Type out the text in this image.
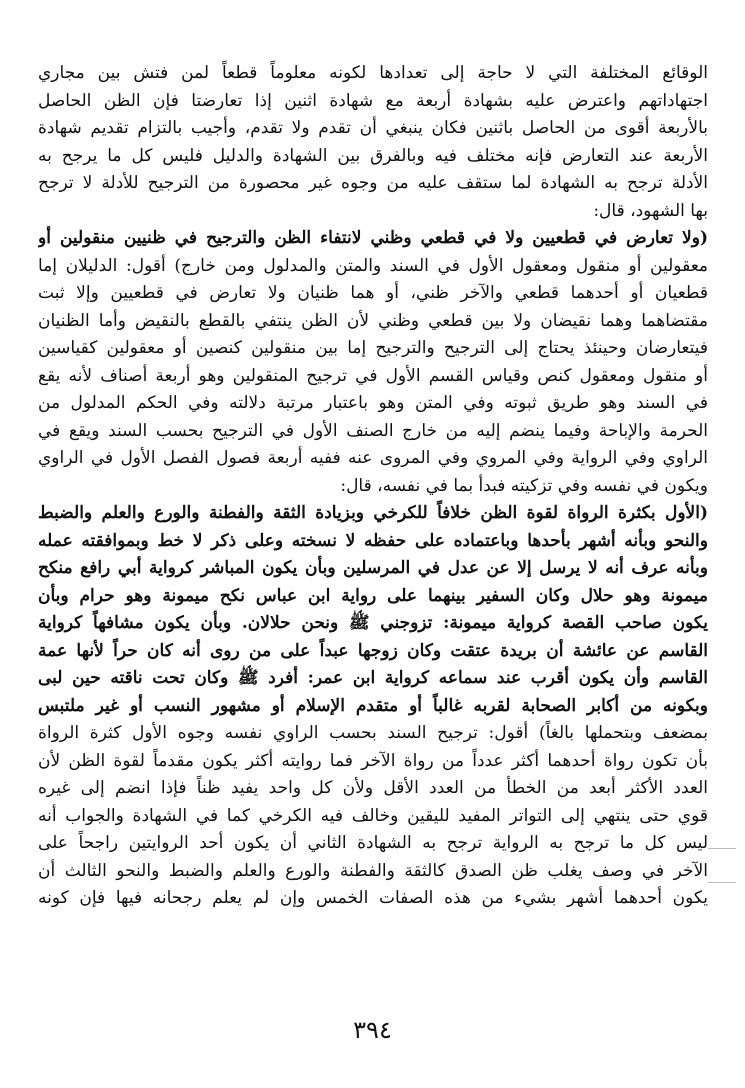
الوقائع المختلفة التي لا حاجة إلى تعدادها لكونه معلوماً قطعاً لمن فتش بين مجاري
اجتهاداتهم واعترض عليه بشهادة أربعة مع شهادة اثنين إذا تعارضتا فإن الظن الحاصل
بالأربعة أقوى من الحاصل باثنين فكان ينبغي أن تقدم ولا تقدم، وأجيب بالتزام تقديم شهادة
الأربعة عند التعارض فإنه مختلف فيه وبالفرق بين الشهادة والدليل فليس كل ما يرجح به
الأدلة ترجح به الشهادة لما ستقف عليه من وجوه غير محصورة من الترجيح للأدلة لا ترجح
بها الشهود، قال:
(ولا تعارض في قطعيين ولا في قطعي وظني لانتفاء الظن والترجيح في ظنيين منقولين أو
معقولين أو منقول ومعقول الأول في السند والمتن والمدلول ومن خارج) أقول: الدليلان إما
قطعيان أو أحدهما قطعي والآخر ظني، أو هما ظنيان ولا تعارض في قطعيين وإلا ثبت
مقتضاهما وهما نقيضان ولا بين قطعي وظني لأن الظن ينتفي بالقطع بالنقيض وأما الظنيان
فيتعارضان وحينئذ يحتاج إلى الترجيح والترجيح إما بين منقولين كنصين أو معقولين كقياسين
أو منقول ومعقول كنص وقياس القسم الأول في ترجيح المنقولين وهو أربعة أصناف لأنه يقع
في السند وهو طريق ثبوته وفي المتن وهو باعتبار مرتبة دلالته وفي الحكم المدلول من
الحرمة والإباحة وفيما ينضم إليه من خارج الصنف الأول في الترجيح بحسب السند ويقع في
الراوي وفي الرواية وفي المروي وفي المروى عنه ففيه أربعة فصول الفصل الأول في الراوي
ويكون في نفسه وفي تزكيته فبدأ بما في نفسه، قال:
(الأول بكثرة الرواة لقوة الظن خلافاً للكرخي وبزيادة الثقة والفطنة والورع والعلم والضبط
والنحو وبأنه أشهر بأحدها وباعتماده على حفظه لا نسخته وعلى ذكر لا خط وبموافقته عمله
وبأنه عرف أنه لا يرسل إلا عن عدل في المرسلين وبأن يكون المباشر كرواية أبي رافع منكح
ميمونة وهو حلال وكان السفير بينهما على رواية ابن عباس نكح ميمونة وهو حرام وبأن
يكون صاحب القصة كرواية ميمونة: تزوجني ﷺ ونحن حلالان. وبأن يكون مشافهاً كرواية
القاسم عن عائشة أن بريدة عتقت وكان زوجها عبداً على من روى أنه كان حراً لأنها عمة
القاسم وأن يكون أقرب عند سماعه كرواية ابن عمر: أفرد ﷺ وكان تحت ناقته حين لبى
وبكونه من أكابر الصحابة لقربه غالباً أو متقدم الإسلام أو مشهور النسب أو غير ملتبس
بمضعف وبتحملها بالغاً) أقول: ترجيح السند بحسب الراوي نفسه وجوه الأول كثرة الرواة
بأن تكون رواة أحدهما أكثر عدداً من رواة الآخر فما روايته أكثر يكون مقدماً لقوة الظن لأن
العدد الأكثر أبعد من الخطأ من العدد الأقل ولأن كل واحد يفيد ظناً فإذا انضم إلى غيره
قوي حتى ينتهي إلى التواتر المفيد لليقين وخالف فيه الكرخي كما في الشهادة والجواب أنه
ليس كل ما ترجح به الرواية ترجح به الشهادة الثاني أن يكون أحد الروايتين راجحاً على
الآخر في وصف يغلب ظن الصدق كالثقة والفطنة والورع والعلم والضبط والنحو الثالث أن
يكون أحدهما أشهر بشيء من هذه الصفات الخمس وإن لم يعلم رجحانه فيها فإن كونه
٣٩٤
